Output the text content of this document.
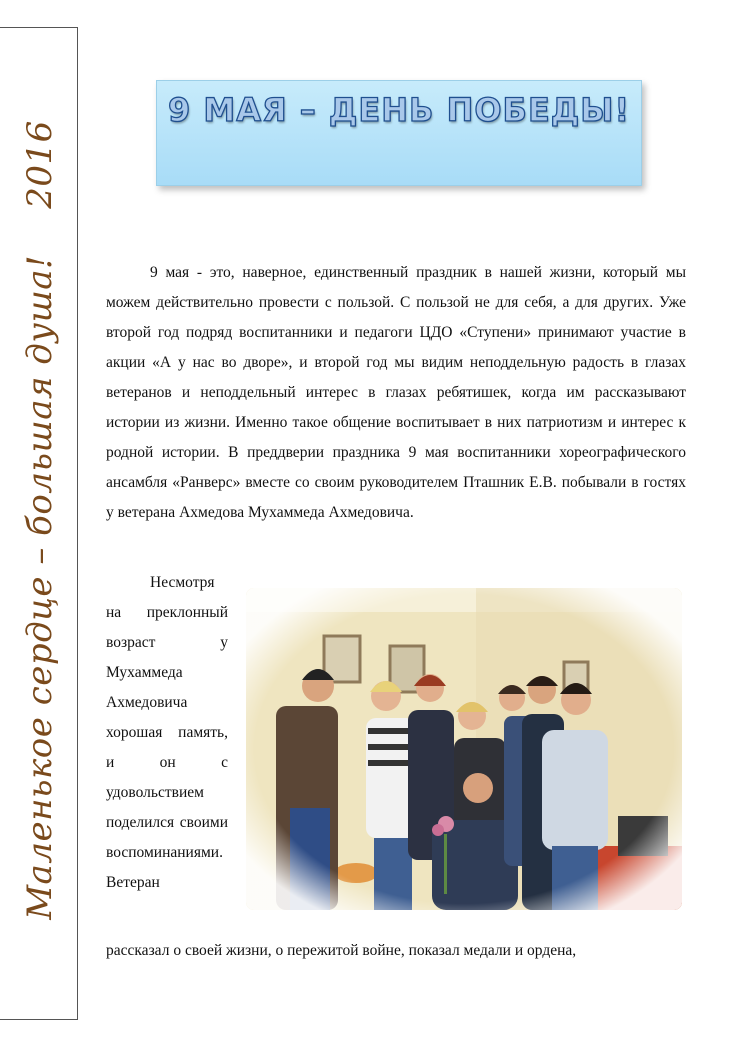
Маленькое сердце – большая душа!2016
9 МАЯ – ДЕНЬ ПОБЕДЫ!

9 мая - это, наверное, единственный праздник в нашей жизни, который мы можем действительно провести с пользой. С пользой не для себя, а для других. Уже второй год подряд воспитанники и педагоги ЦДО «Ступени» принимают участие в акции «А у нас во дворе», и второй год мы видим неподдельную радость в глазах ветеранов и неподдельный интерес в глазах ребятишек, когда им рассказывают истории из жизни. Именно такое общение воспитывает в них патриотизм и интерес к родной истории. В преддверии праздника 9 мая воспитанники хореографического ансамбля «Ранверс» вместе со своим руководителем Пташник Е.В. побывали в гостях у ветерана Ахмедова Мухаммеда Ахмедовича.

Несмотря на преклонный возраст у Мухаммеда Ахмедовича хорошая память, и он с удовольствием поделился своими воспоминаниями. Ветеран

рассказал о своей жизни, о пережитой войне, показал медали и ордена,
